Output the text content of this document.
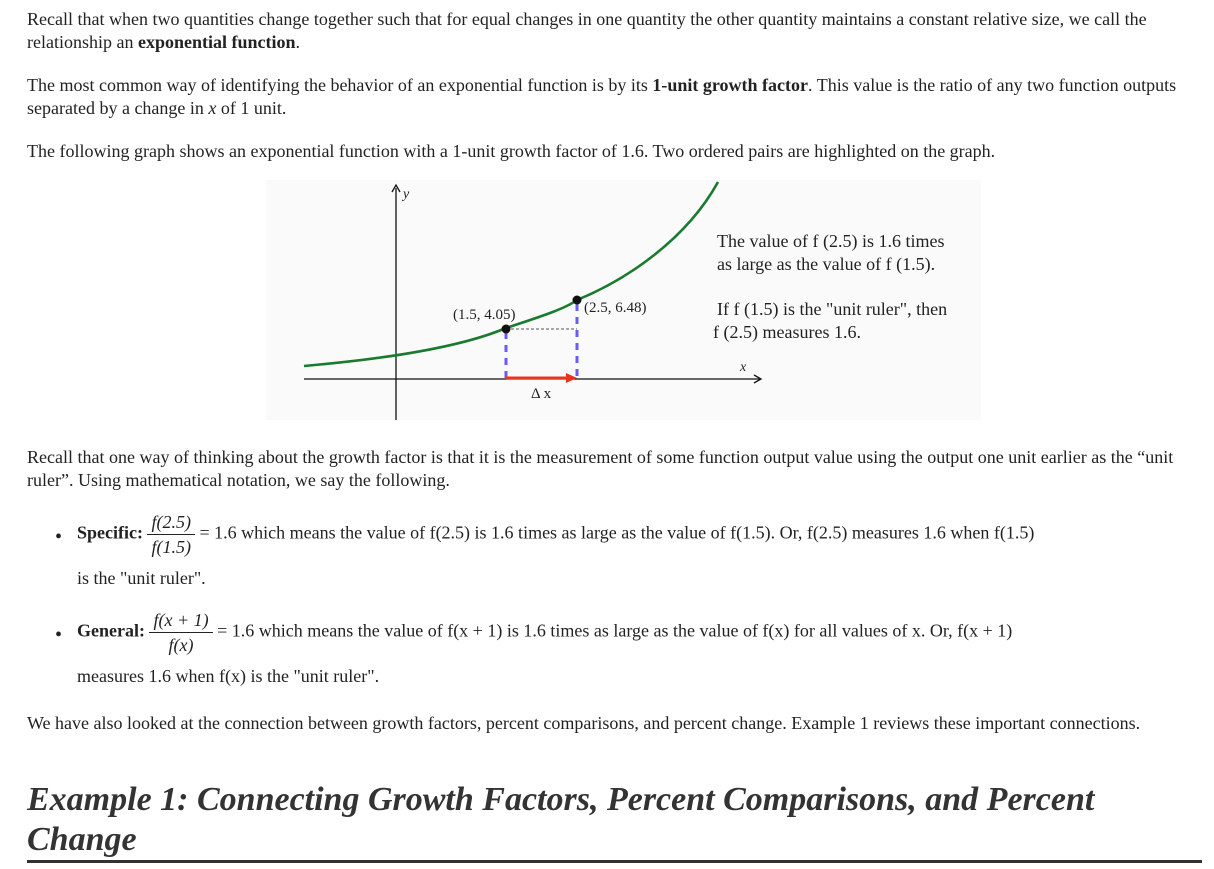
Recall that when two quantities change together such that for equal changes in one quantity the other quantity maintains a constant relative size, we call the relationship an exponential function.

The most common way of identifying the behavior of an exponential function is by its 1-unit growth factor. This value is the ratio of any two function outputs separated by a change in x of 1 unit.

The following graph shows an exponential function with a 1-unit growth factor of 1.6. Two ordered pairs are highlighted on the graph.

y
x
(1.5, 4.05)	(2.5, 6.48)
Δ x
The value of f (2.5) is 1.6 times
as large as the value of f (1.5).
If f (1.5) is the "unit ruler", then
f (2.5) measures 1.6.

Recall that one way of thinking about the growth factor is that it is the measurement of some function output value using the output one unit earlier as the “unit ruler”. Using mathematical notation, we say the following.

• Specific: $\frac{f(2.5)}{f(1.5)} = 1.6$ which means the value of f(2.5) is 1.6 times as large as the value of f(1.5). Or, f(2.5) measures 1.6 when f(1.5)
is the "unit ruler".
• General: $\frac{f(x + 1)}{f(x)} = 1.6$ which means the value of f(x + 1) is 1.6 times as large as the value of f(x) for all values of x. Or, f(x + 1)
measures 1.6 when f(x) is the "unit ruler".

We have also looked at the connection between growth factors, percent comparisons, and percent change. Example 1 reviews these important connections.

Example 1: Connecting Growth Factors, Percent Comparisons, and Percent Change
